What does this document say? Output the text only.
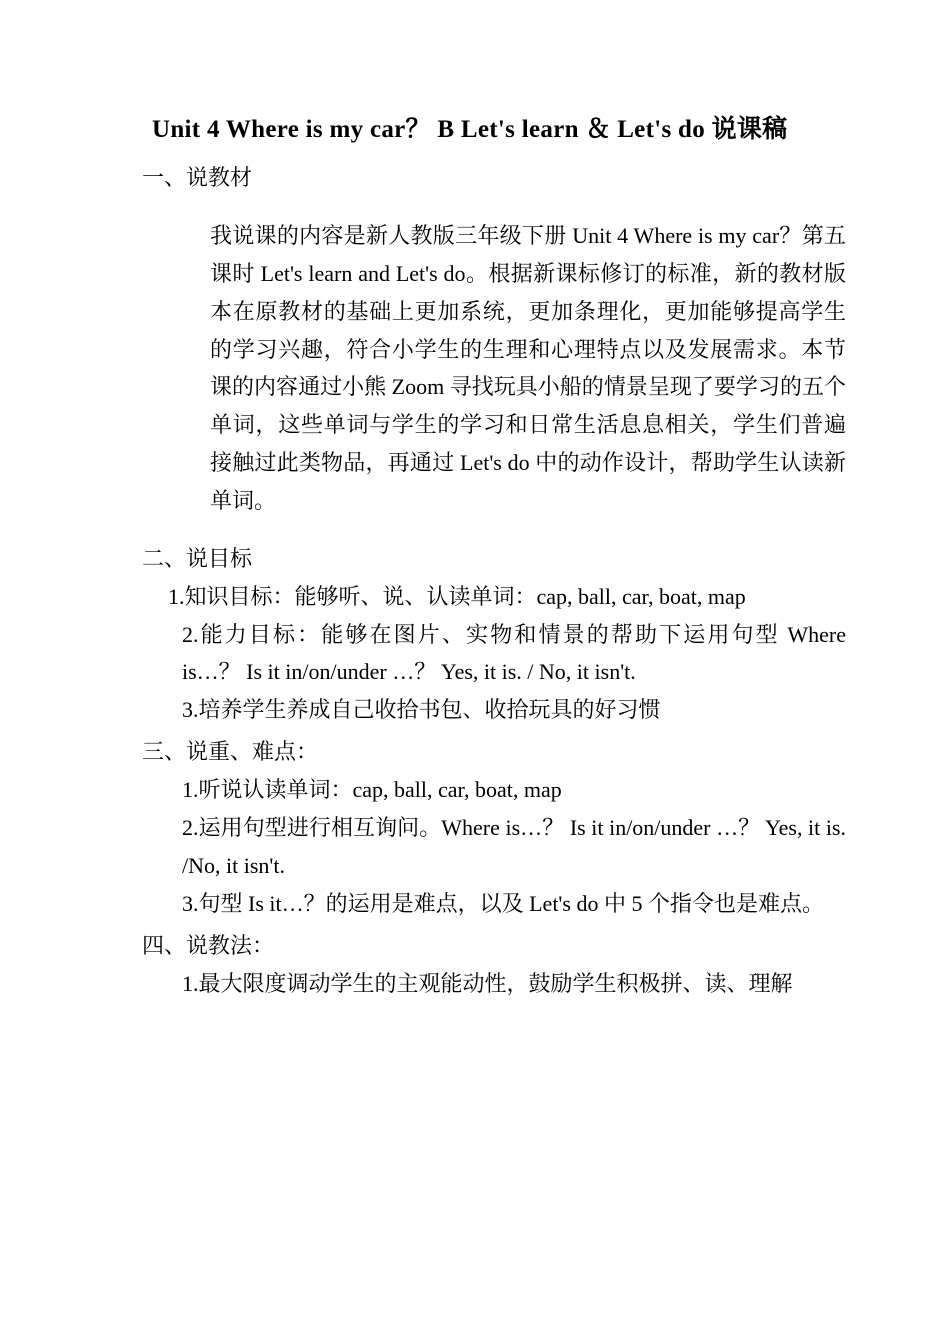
Unit 4 Where is my car？ B Let's learn ＆ Let's do 说课稿
一、说教材

我说课的内容是新人教版三年级下册 Unit 4 Where is my car？第五课时 Let's learn and Let's do。根据新课标修订的标准，新的教材版本在原教材的基础上更加系统，更加条理化，更加能够提高学生的学习兴趣，符合小学生的生理和心理特点以及发展需求。本节课的内容通过小熊 Zoom 寻找玩具小船的情景呈现了要学习的五个单词，这些单词与学生的学习和日常生活息息相关，学生们普遍接触过此类物品，再通过 Let's do 中的动作设计，帮助学生认读新单词。

二、说目标

1.知识目标：能够听、说、认读单词：cap, ball, car, boat, map

2.能力目标：能够在图片、实物和情景的帮助下运用句型 Where is…？ Is it in/on/under …？ Yes, it is. / No, it isn't.

3.培养学生养成自己收拾书包、收拾玩具的好习惯

三、说重、难点：

1.听说认读单词：cap, ball, car, boat, map

2.运用句型进行相互询问。Where is…？ Is it in/on/under …？ Yes, it is. /No, it isn't.

3.句型 Is it…？的运用是难点，以及 Let's do 中 5 个指令也是难点。

四、说教法：

1.最大限度调动学生的主观能动性，鼓励学生积极拼、读、理解
